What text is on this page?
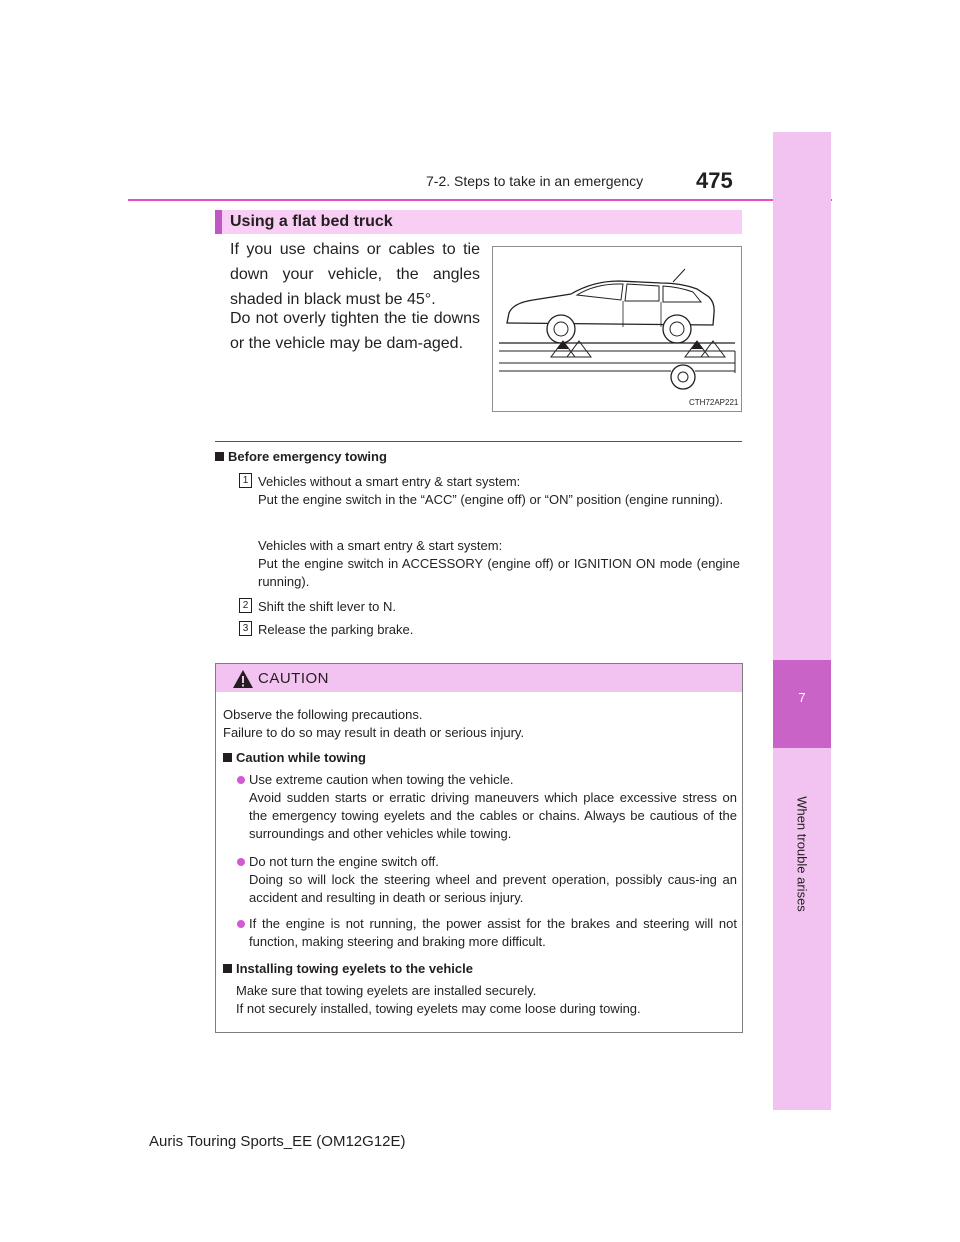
7-2. Steps to take in an emergency	475
7
When trouble arises
Using a flat bed truck
If you use chains or cables to tie down your vehicle, the angles shaded in black must be 45°.
Do not overly tighten the tie downs or the vehicle may be dam-aged.
CTH72AP221
Before emergency towing
1 Vehicles without a smart entry & start system:
Put the engine switch in the “ACC” (engine off) or “ON” position (engine running).
Vehicles with a smart entry & start system:
Put the engine switch in ACCESSORY (engine off) or IGNITION ON mode (engine running).
2 Shift the shift lever to N.
3 Release the parking brake.
CAUTION
Observe the following precautions.
Failure to do so may result in death or serious injury.
Caution while towing
Use extreme caution when towing the vehicle.
Avoid sudden starts or erratic driving maneuvers which place excessive stress on the emergency towing eyelets and the cables or chains. Always be cautious of the surroundings and other vehicles while towing.
Do not turn the engine switch off.
Doing so will lock the steering wheel and prevent operation, possibly caus-ing an accident and resulting in death or serious injury.
If the engine is not running, the power assist for the brakes and steering will not function, making steering and braking more difficult.
Installing towing eyelets to the vehicle
Make sure that towing eyelets are installed securely.
If not securely installed, towing eyelets may come loose during towing.
Auris Touring Sports_EE (OM12G12E)
